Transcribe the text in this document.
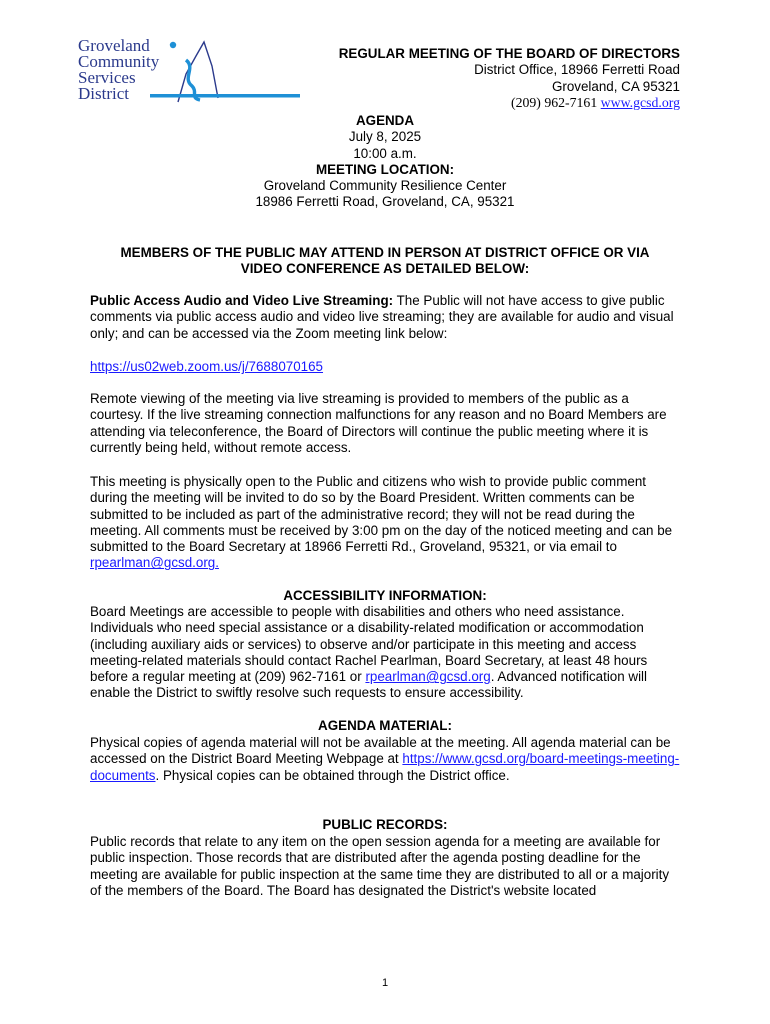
Groveland
Community
Services
District
REGULAR MEETING OF THE BOARD OF DIRECTORS
District Office, 18966 Ferretti Road
Groveland, CA 95321
(209) 962-7161 www.gcsd.org
AGENDA
July 8, 2025
10:00 a.m.
MEETING LOCATION:
Groveland Community Resilience Center
18986 Ferretti Road, Groveland, CA, 95321
MEMBERS OF THE PUBLIC MAY ATTEND IN PERSON AT DISTRICT OFFICE OR VIA
VIDEO CONFERENCE AS DETAILED BELOW:
Public Access Audio and Video Live Streaming: The Public will not have access to give public comments via public access audio and video live streaming; they are available for audio and visual only; and can be accessed via the Zoom meeting link below:
https://us02web.zoom.us/j/7688070165
Remote viewing of the meeting via live streaming is provided to members of the public as a courtesy. If the live streaming connection malfunctions for any reason and no Board Members are attending via teleconference, the Board of Directors will continue the public meeting where it is currently being held, without remote access.
This meeting is physically open to the Public and citizens who wish to provide public comment during the meeting will be invited to do so by the Board President. Written comments can be submitted to be included as part of the administrative record; they will not be read during the meeting. All comments must be received by 3:00 pm on the day of the noticed meeting and can be submitted to the Board Secretary at 18966 Ferretti Rd., Groveland, 95321, or via email to rpearlman@gcsd.org.
ACCESSIBILITY INFORMATION:
Board Meetings are accessible to people with disabilities and others who need assistance. Individuals who need special assistance or a disability-related modification or accommodation (including auxiliary aids or services) to observe and/or participate in this meeting and access meeting-related materials should contact Rachel Pearlman, Board Secretary, at least 48 hours before a regular meeting at (209) 962-7161 or rpearlman@gcsd.org. Advanced notification will enable the District to swiftly resolve such requests to ensure accessibility.
AGENDA MATERIAL:
Physical copies of agenda material will not be available at the meeting. All agenda material can be accessed on the District Board Meeting Webpage at https://www.gcsd.org/board-meetings-meeting-documents. Physical copies can be obtained through the District office.
PUBLIC RECORDS:
Public records that relate to any item on the open session agenda for a meeting are available for public inspection. Those records that are distributed after the agenda posting deadline for the meeting are available for public inspection at the same time they are distributed to all or a majority of the members of the Board. The Board has designated the District's website located
1
